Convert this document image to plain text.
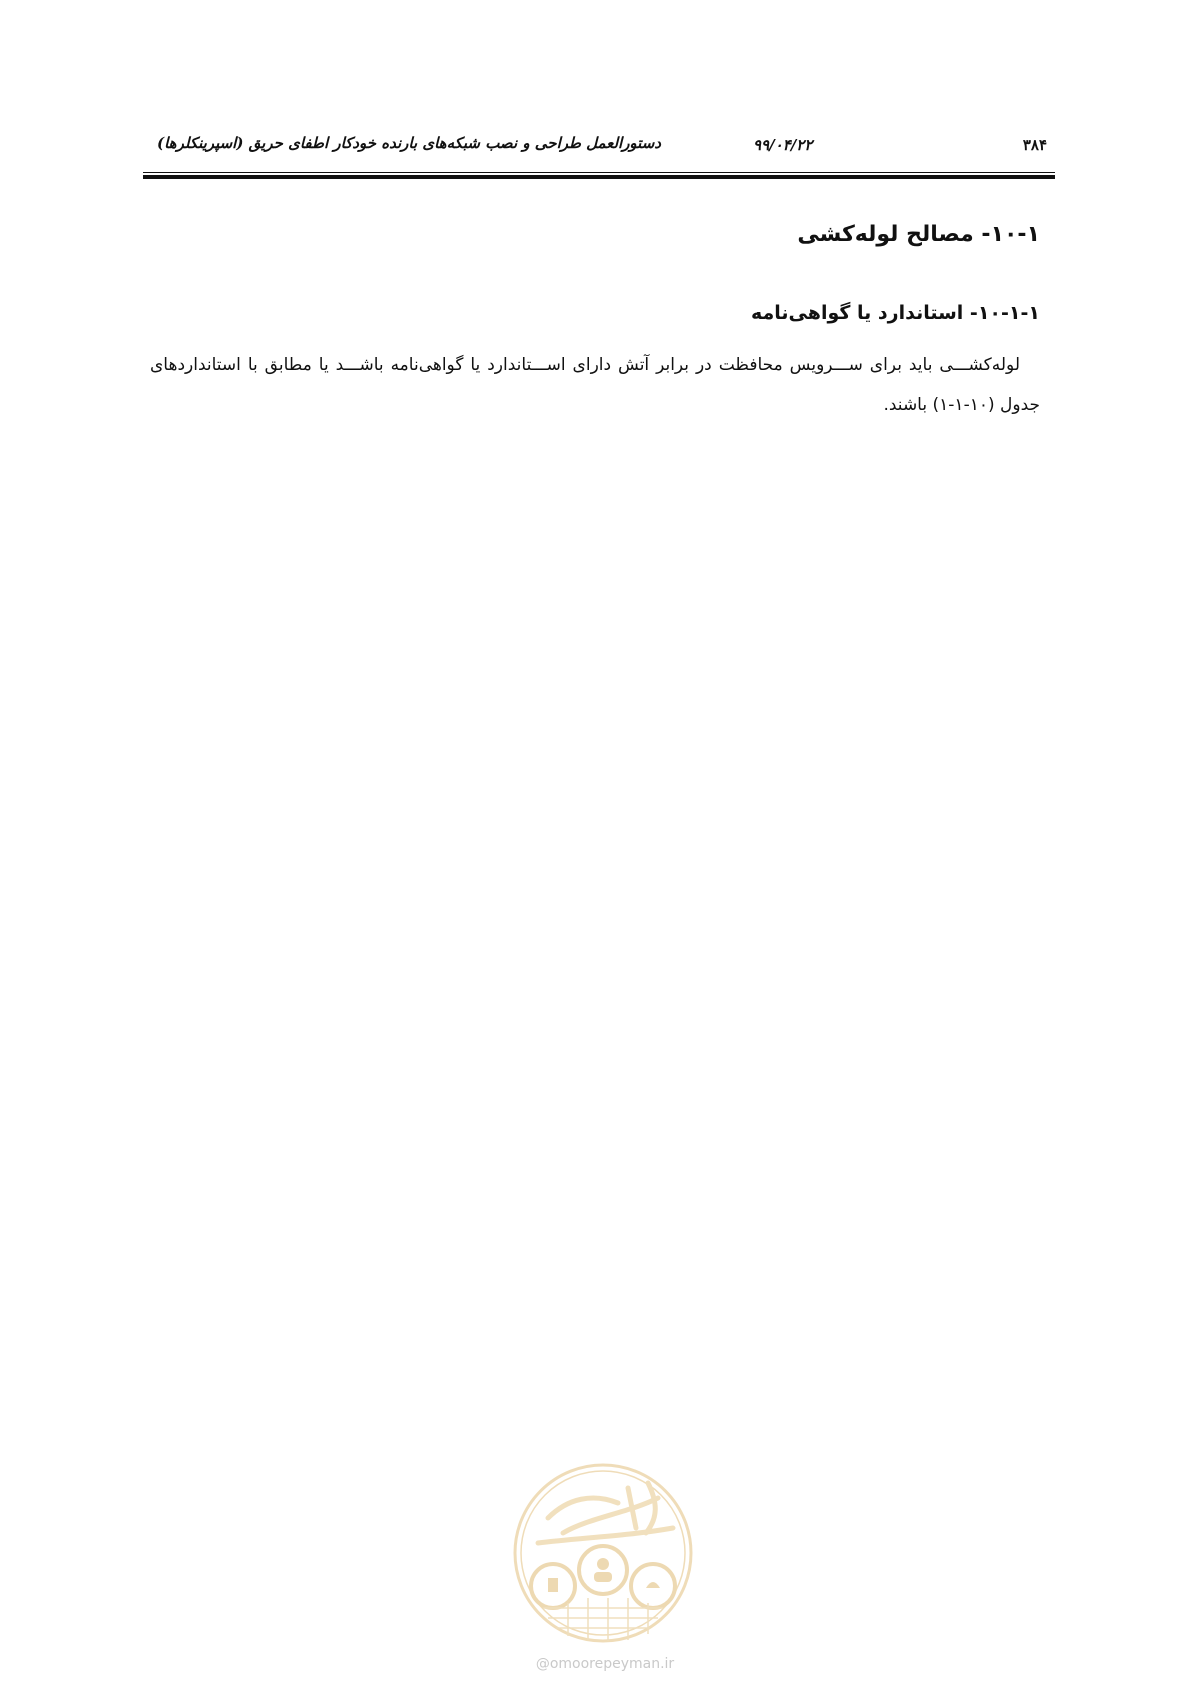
دستورالعمل طراحی و نصب شبکه‌های بارنده خودکار اطفای حریق (اسپرینکلرها)	۹۹/۰۴/۲۲	۳۸۴
۱۰-۱- مصالح لوله‌کشی
۱۰-۱-۱- استاندارد یا گواهی‌نامه

لوله‌کشـــی باید برای ســـرویس محافظت در برابر آتش دارای اســـتاندارد یا گواهی‌نامه باشـــد یا مطابق با استانداردهای جدول (۱۰-۱-۱) باشند.

@omoorepeyman.ir
